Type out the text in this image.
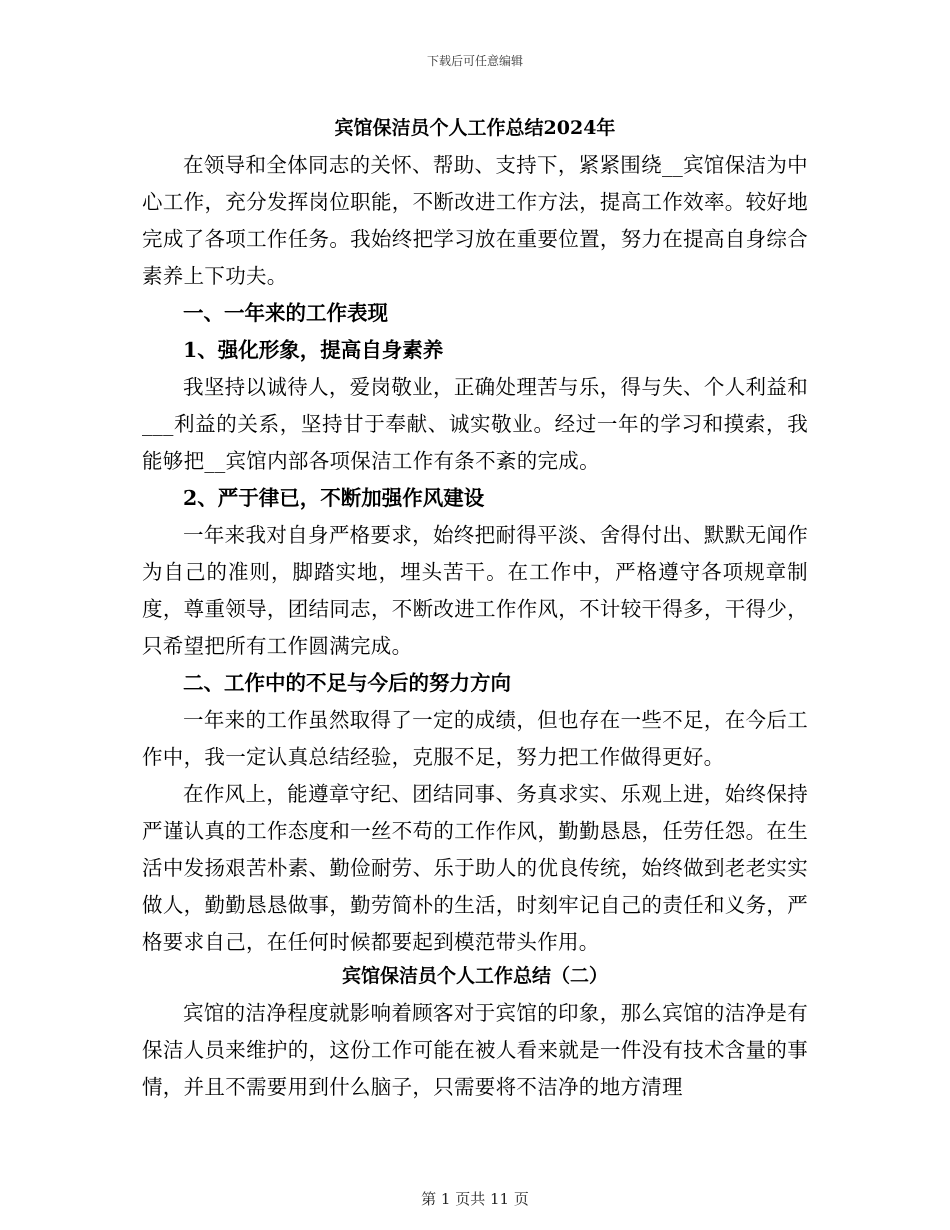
下载后可任意编辑
宾馆保洁员个人工作总结2024年

在领导和全体同志的关怀、帮助、支持下，紧紧围绕__宾馆保洁为中心工作，充分发挥岗位职能，不断改进工作方法，提高工作效率。较好地完成了各项工作任务。我始终把学习放在重要位置，努力在提高自身综合素养上下功夫。

一、一年来的工作表现

1、强化形象，提高自身素养

我坚持以诚待人，爱岗敬业，正确处理苦与乐，得与失、个人利益和___利益的关系，坚持甘于奉献、诚实敬业。经过一年的学习和摸索，我能够把__宾馆内部各项保洁工作有条不紊的完成。

2、严于律已，不断加强作风建设

一年来我对自身严格要求，始终把耐得平淡、舍得付出、默默无闻作为自己的准则，脚踏实地，埋头苦干。在工作中，严格遵守各项规章制度，尊重领导，团结同志，不断改进工作作风，不计较干得多，干得少，只希望把所有工作圆满完成。

二、工作中的不足与今后的努力方向

一年来的工作虽然取得了一定的成绩，但也存在一些不足，在今后工作中，我一定认真总结经验，克服不足，努力把工作做得更好。

在作风上，能遵章守纪、团结同事、务真求实、乐观上进，始终保持严谨认真的工作态度和一丝不苟的工作作风，勤勤恳恳，任劳任怨。在生活中发扬艰苦朴素、勤俭耐劳、乐于助人的优良传统，始终做到老老实实做人，勤勤恳恳做事，勤劳简朴的生活，时刻牢记自己的责任和义务，严格要求自己，在任何时候都要起到模范带头作用。

宾馆保洁员个人工作总结（二）

宾馆的洁净程度就影响着顾客对于宾馆的印象，那么宾馆的洁净是有保洁人员来维护的，这份工作可能在被人看来就是一件没有技术含量的事情，并且不需要用到什么脑子，只需要将不洁净的地方清理

第 1 页共 11 页
